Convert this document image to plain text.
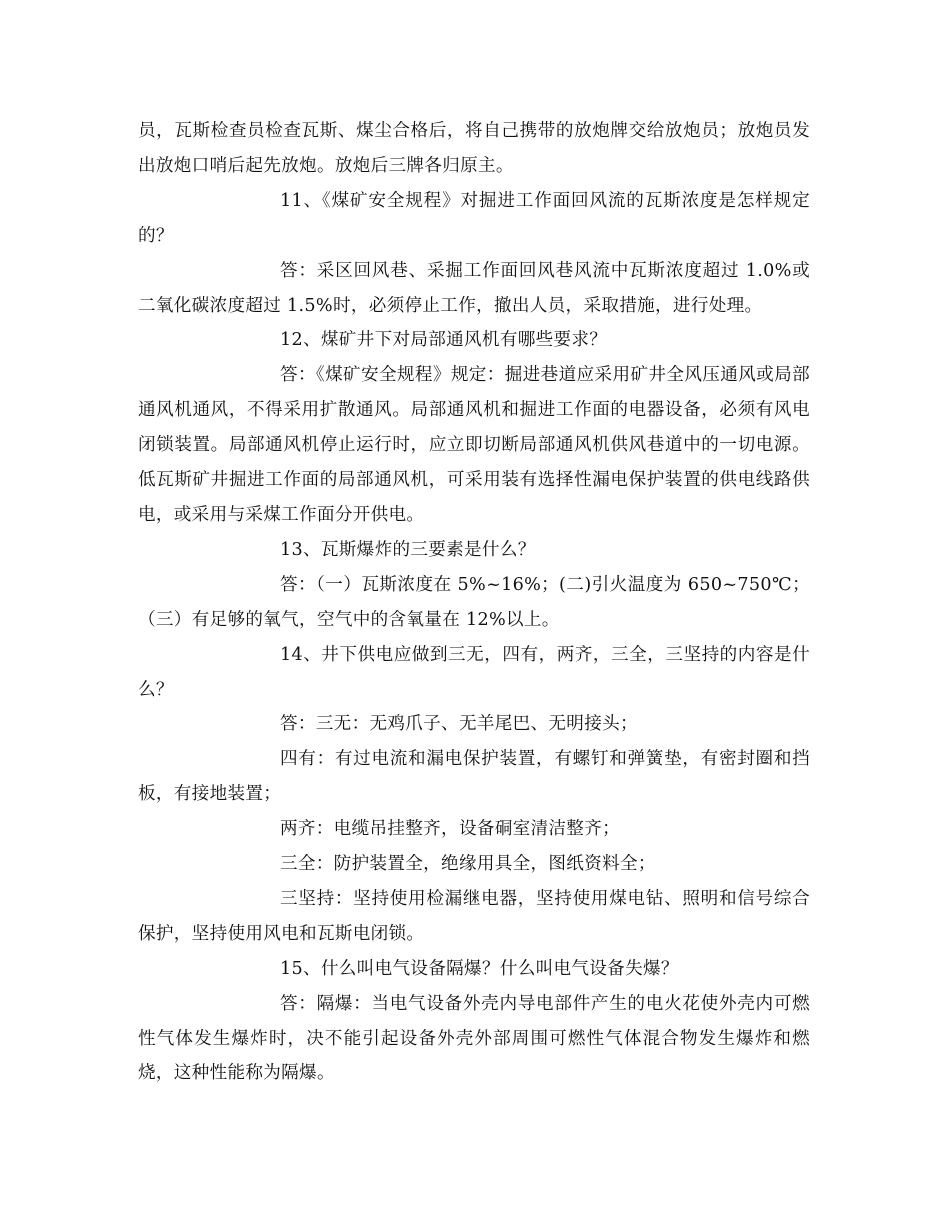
员，瓦斯检查员检查瓦斯、煤尘合格后，将自己携带的放炮牌交给放炮员；放炮员发出放炮口哨后起先放炮。放炮后三牌各归原主。

11、《煤矿安全规程》对掘进工作面回风流的瓦斯浓度是怎样规定的？

答：采区回风巷、采掘工作面回风巷风流中瓦斯浓度超过 1.0%或二氧化碳浓度超过 1.5%时，必须停止工作，撤出人员，采取措施，进行处理。

12、煤矿井下对局部通风机有哪些要求？

答：《煤矿安全规程》规定：掘进巷道应采用矿井全风压通风或局部通风机通风，不得采用扩散通风。局部通风机和掘进工作面的电器设备，必须有风电闭锁装置。局部通风机停止运行时，应立即切断局部通风机供风巷道中的一切电源。低瓦斯矿井掘进工作面的局部通风机，可采用装有选择性漏电保护装置的供电线路供电，或采用与采煤工作面分开供电。

13、瓦斯爆炸的三要素是什么？

答：（一）瓦斯浓度在 5%~16%；(二)引火温度为 650~750℃；（三）有足够的氧气，空气中的含氧量在 12%以上。

14、井下供电应做到三无，四有，两齐，三全，三坚持的内容是什么？

答：三无：无鸡爪子、无羊尾巴、无明接头；

四有：有过电流和漏电保护装置，有螺钉和弹簧垫，有密封圈和挡板，有接地装置；

两齐：电缆吊挂整齐，设备硐室清洁整齐；

三全：防护装置全，绝缘用具全，图纸资料全；

三坚持：坚持使用检漏继电器，坚持使用煤电钻、照明和信号综合保护，坚持使用风电和瓦斯电闭锁。

15、什么叫电气设备隔爆？什么叫电气设备失爆？

答：隔爆：当电气设备外壳内导电部件产生的电火花使外壳内可燃性气体发生爆炸时，决不能引起设备外壳外部周围可燃性气体混合物发生爆炸和燃烧，这种性能称为隔爆。
